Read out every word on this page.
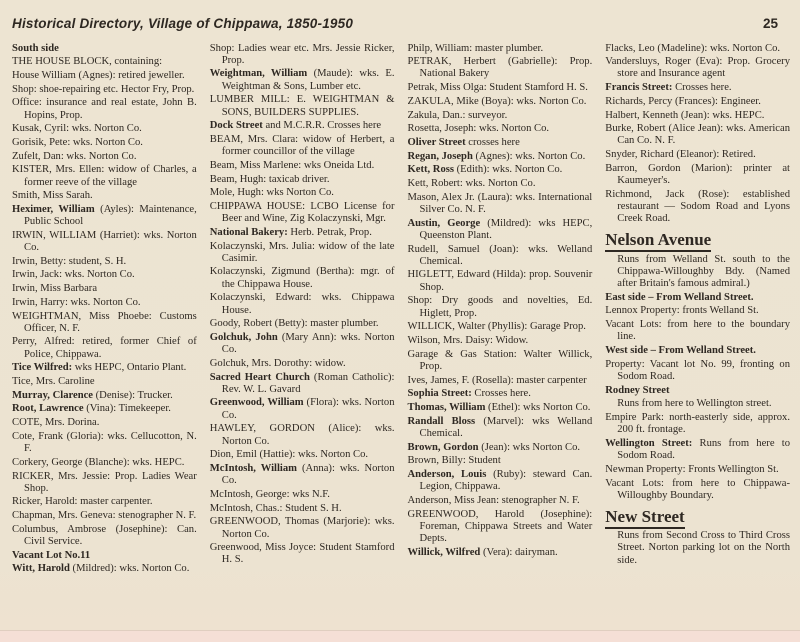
Historical Directory, Village of Chippawa, 1850-1950	25

South side

THE HOUSE BLOCK, containing:

House William (Agnes): retired jeweller.

Shop: shoe-repairing etc. Hector Fry, Prop.

Office: insurance and real estate, John B. Hopins, Prop.

Kusak, Cyril: wks. Norton Co.

Gorisik, Pete: wks. Norton Co.

Zufelt, Dan: wks. Norton Co.

KISTER, Mrs. Ellen: widow of Charles, a former reeve of the village

Smith, Miss Sarah.

Heximer, William (Ayles): Maintenance, Public School

IRWIN, WILLIAM (Harriet): wks. Norton Co.

Irwin, Betty: student, S. H.

Irwin, Jack: wks. Norton Co.

Irwin, Miss Barbara

Irwin, Harry: wks. Norton Co.

WEIGHTMAN, Miss Phoebe: Customs Officer, N. F.

Perry, Alfred: retired, former Chief of Police, Chippawa.

Tice Wilfred: wks HEPC, Ontario Plant.

Tice, Mrs. Caroline

Murray, Clarence (Denise): Trucker.

Root, Lawrence (Vina): Timekeeper.

COTE, Mrs. Dorina.

Cote, Frank (Gloria): wks. Cellucotton, N. F.

Corkery, George (Blanche): wks. HEPC.

RICKER, Mrs. Jessie: Prop. Ladies Wear Shop.

Ricker, Harold: master carpenter.

Chapman, Mrs. Geneva: stenographer N. F.

Columbus, Ambrose (Josephine): Can. Civil Service.

Vacant Lot No.11

Witt, Harold (Mildred): wks. Norton Co.

Shop: Ladies wear etc. Mrs. Jessie Ricker, Prop.

Weightman, William (Maude): wks. E. Weightman & Sons, Lumber etc.

LUMBER MILL: E. WEIGHTMAN & SONS, BUILDERS SUPPLIES.

Dock Street and M.C.R.R. Crosses here

BEAM, Mrs. Clara: widow of Herbert, a former councillor of the village

Beam, Miss Marlene: wks Oneida Ltd.

Beam, Hugh: taxicab driver.

Mole, Hugh: wks Norton Co.

CHIPPAWA HOUSE: LCBO License for Beer and Wine, Zig Kolaczynski, Mgr.

National Bakery: Herb. Petrak, Prop.

Kolaczynski, Mrs. Julia: widow of the late Casimir.

Kolaczynski, Zigmund (Bertha): mgr. of the Chippawa House.

Kolaczynski, Edward: wks. Chippawa House.

Goody, Robert (Betty): master plumber.

Golchuk, John (Mary Ann): wks. Norton Co.

Golchuk, Mrs. Dorothy: widow.

Sacred Heart Church (Roman Catholic): Rev. W. L. Gavard

Greenwood, William (Flora): wks. Norton Co.

HAWLEY, GORDON (Alice): wks. Norton Co.

Dion, Emil (Hattie): wks. Norton Co.

McIntosh, William (Anna): wks. Norton Co.

McIntosh, George: wks N.F.

McIntosh, Chas.: Student S. H.

GREENWOOD, Thomas (Marjorie): wks. Norton Co.

Greenwood, Miss Joyce: Student Stamford H. S.

Philp, William: master plumber.

PETRAK, Herbert (Gabrielle): Prop. National Bakery

Petrak, Miss Olga: Student Stamford H. S.

ZAKULA, Mike (Boya): wks. Norton Co.

Zakula, Dan.: surveyor.

Rosetta, Joseph: wks. Norton Co.

Oliver Street crosses here

Regan, Joseph (Agnes): wks. Norton Co.

Kett, Ross (Edith): wks. Norton Co.

Kett, Robert: wks. Norton Co.

Mason, Alex Jr. (Laura): wks. International Silver Co. N. F.

Austin, George (Mildred): wks HEPC, Queenston Plant.

Rudell, Samuel (Joan): wks. Welland Chemical.

HIGLETT, Edward (Hilda): prop. Souvenir Shop.

Shop: Dry goods and novelties, Ed. Higlett, Prop.

WILLICK, Walter (Phyllis): Garage Prop.

Wilson, Mrs. Daisy: Widow.

Garage & Gas Station: Walter Willick, Prop.

Ives, James, F. (Rosella): master carpenter

Sophia Street: Crosses here.

Thomas, William (Ethel): wks Norton Co.

Randall Bloss (Marvel): wks Welland Chemical.

Brown, Gordon (Jean): wks Norton Co.

Brown, Billy: Student

Anderson, Louis (Ruby): steward Can. Legion, Chippawa.

Anderson, Miss Jean: stenographer N. F.

GREENWOOD, Harold (Josephine): Foreman, Chippawa Streets and Water Depts.

Willick, Wilfred (Vera): dairyman.

Flacks, Leo (Madeline): wks. Norton Co.

Vandersluys, Roger (Eva): Prop. Grocery store and Insurance agent

Francis Street: Crosses here.

Richards, Percy (Frances): Engineer.

Halbert, Kenneth (Jean): wks. HEPC.

Burke, Robert (Alice Jean): wks. American Can Co. N. F.

Snyder, Richard (Eleanor): Retired.

Barron, Gordon (Marion): printer at Kaumeyer's.

Richmond, Jack (Rose): established restaurant — Sodom Road and Lyons Creek Road.

Nelson Avenue

Runs from Welland St. south to the Chippawa-Willoughby Bdy. (Named after Britain's famous admiral.)

East side – From Welland Street.

Lennox Property: fronts Welland St.

Vacant Lots: from here to the boundary line.

West side – From Welland Street.

Property: Vacant lot No. 99, fronting on Sodom Road.

Rodney Street

Runs from here to Wellington street.

Empire Park: north-easterly side, approx. 200 ft. frontage.

Wellington Street: Runs from here to Sodom Road.

Newman Property: Fronts Wellington St.

Vacant Lots: from here to Chippawa-Willoughby Boundary.

New Street

Runs from Second Cross to Third Cross Street. Norton parking lot on the North side.
